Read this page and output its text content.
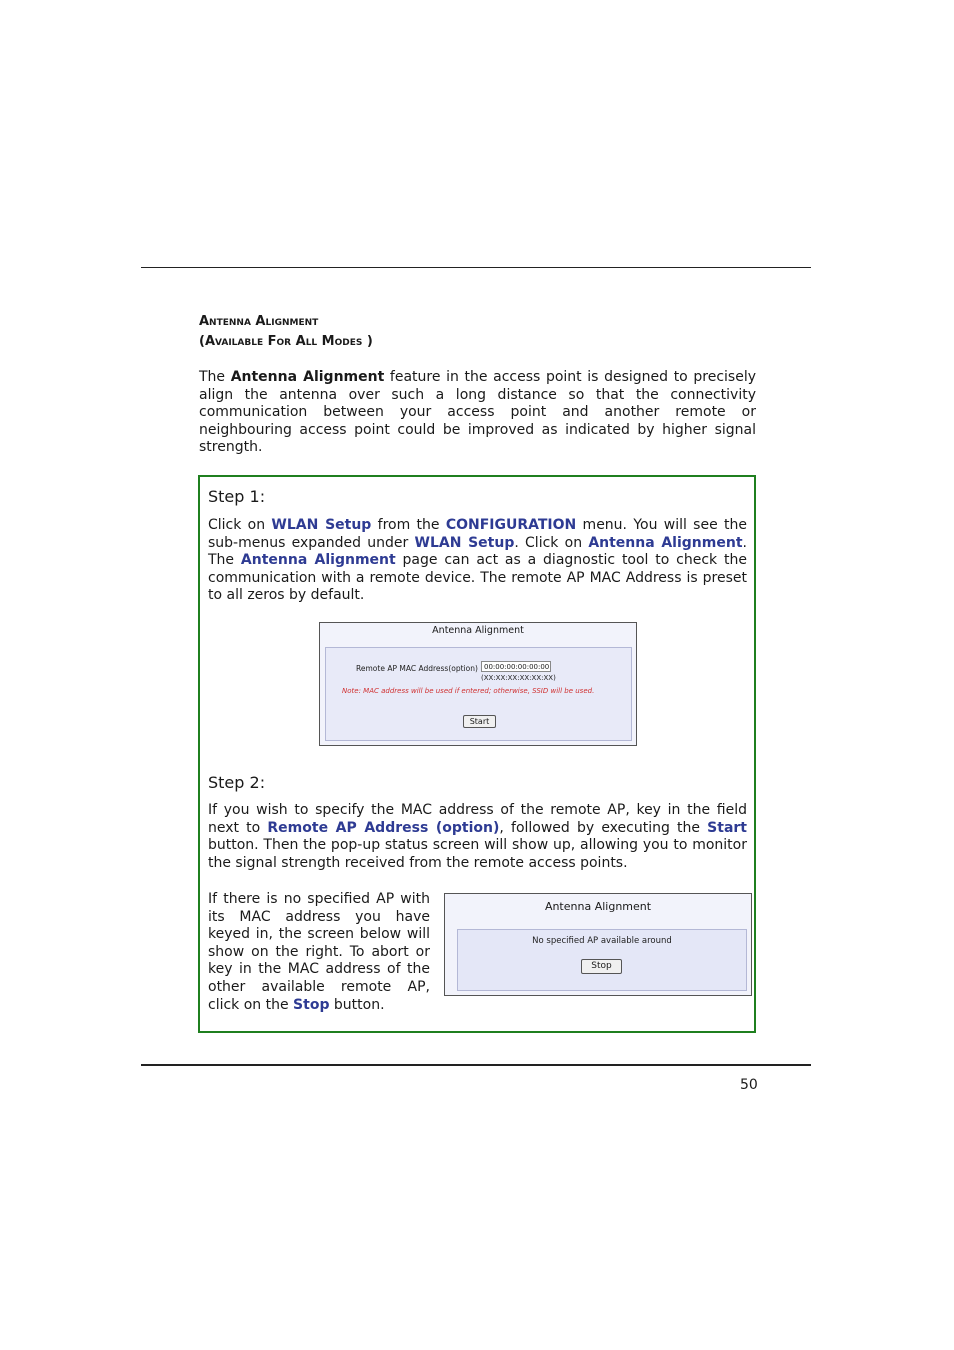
Antenna Alignment
(Available For All Modes )
The Antenna Alignment feature in the access point is designed to precisely align the antenna over such a long distance so that the connectivity communication between your access point and another remote or neighbouring access point could be improved as indicated by higher signal strength.
Step 1:
Click on WLAN Setup from the CONFIGURATION menu. You will see the sub-menus expanded under WLAN Setup. Click on Antenna Alignment. The Antenna Alignment page can act as a diagnostic tool to check the communication with a remote device. The remote AP MAC Address is preset to all zeros by default.
Antenna Alignment
Remote AP MAC Address(option) 00:00:00:00:00:00
(XX:XX:XX:XX:XX:XX)
Note: MAC address will be used if entered; otherwise, SSID will be used.
Start
Step 2:
If you wish to specify the MAC address of the remote AP, key in the field next to Remote AP Address (option), followed by executing the Start button. Then the pop-up status screen will show up, allowing you to monitor the signal strength received from the remote access points.
If there is no specified AP with its MAC address you have keyed in, the screen below will show on the right. To abort or key in the MAC address of the other available remote AP, click on the Stop button.
Antenna Alignment
No specified AP available around
Stop
50
